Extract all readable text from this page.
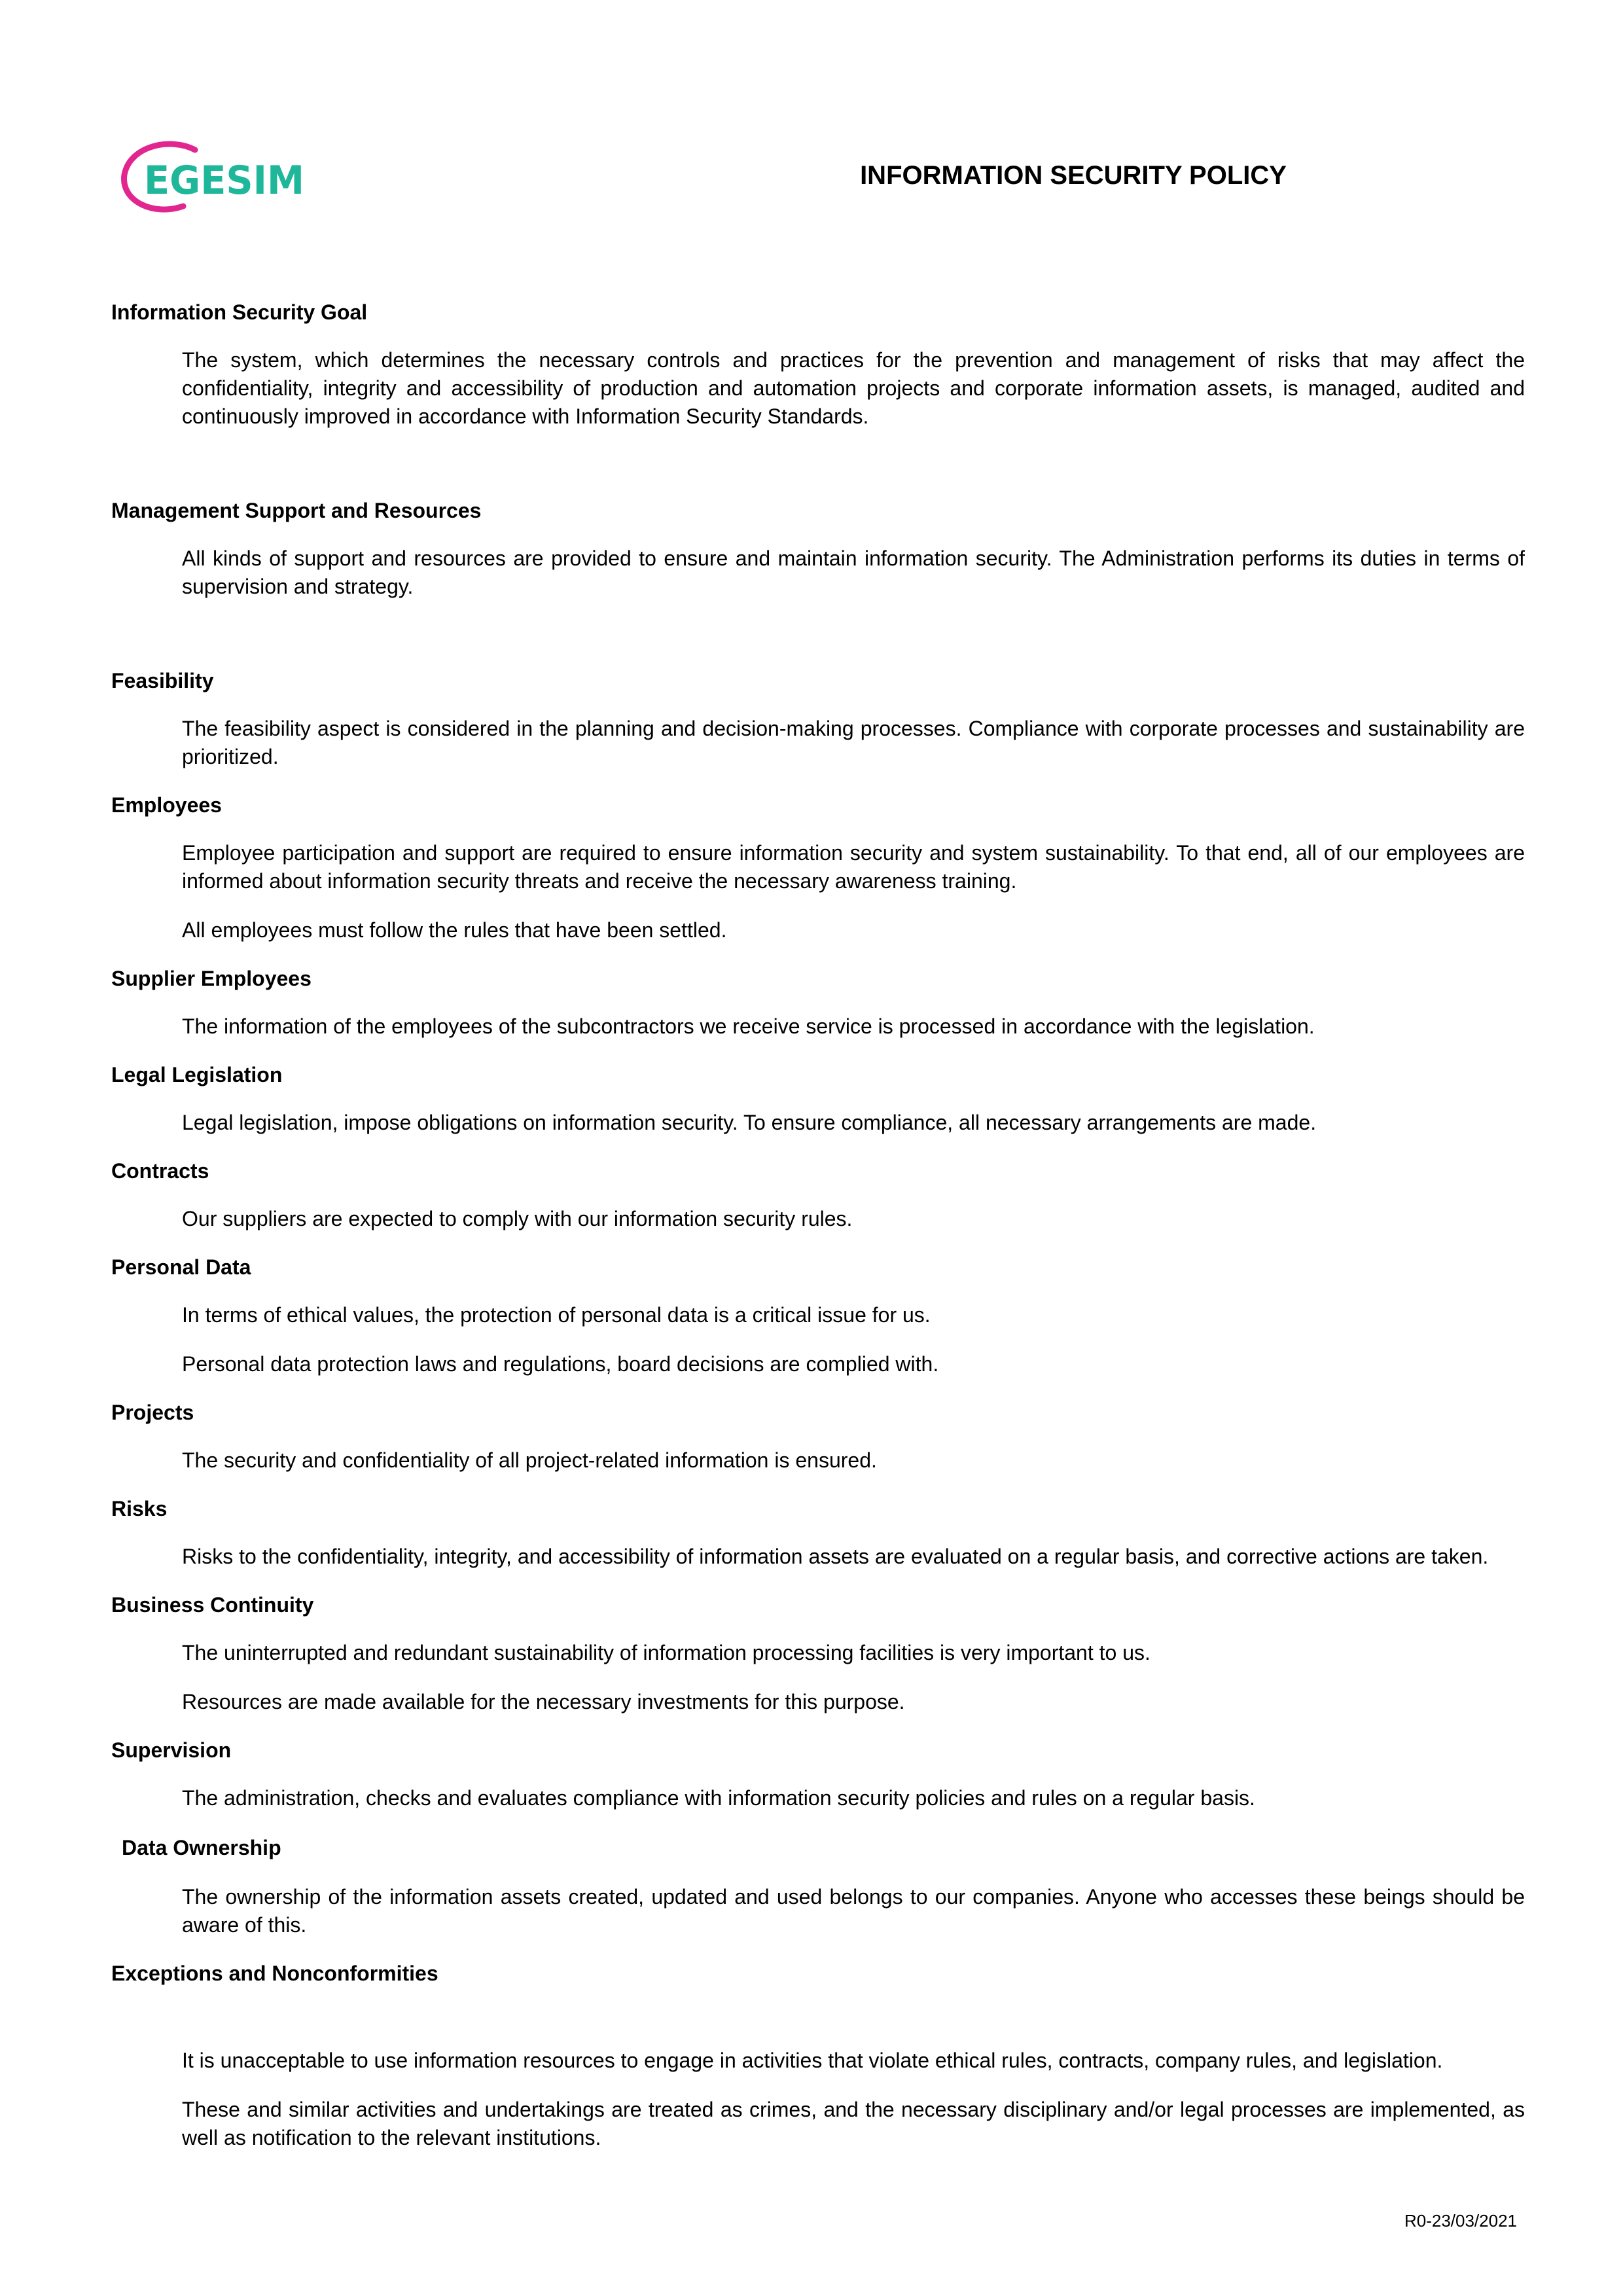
EGESIM	INFORMATION SECURITY POLICY
Information Security Goal

The system, which determines the necessary controls and practices for the prevention and management of risks that may affect the confidentiality, integrity and accessibility of production and automation projects and corporate information assets, is managed, audited and continuously improved in accordance with Information Security Standards.

Management Support and Resources

All kinds of support and resources are provided to ensure and maintain information security. The Administration performs its duties in terms of supervision and strategy.

Feasibility

The feasibility aspect is considered in the planning and decision-making processes. Compliance with corporate processes and sustainability are prioritized.

Employees

Employee participation and support are required to ensure information security and system sustainability. To that end, all of our employees are informed about information security threats and receive the necessary awareness training.

All employees must follow the rules that have been settled.

Supplier Employees

The information of the employees of the subcontractors we receive service is processed in accordance with the legislation.

Legal Legislation

Legal legislation, impose obligations on information security. To ensure compliance, all necessary arrangements are made.

Contracts

Our suppliers are expected to comply with our information security rules.

Personal Data

In terms of ethical values, the protection of personal data is a critical issue for us.

Personal data protection laws and regulations, board decisions are complied with.

Projects

The security and confidentiality of all project-related information is ensured.

Risks

Risks to the confidentiality, integrity, and accessibility of information assets are evaluated on a regular basis, and corrective actions are taken.

Business Continuity

The uninterrupted and redundant sustainability of information processing facilities is very important to us.

Resources are made available for the necessary investments for this purpose.

Supervision

The administration, checks and evaluates compliance with information security policies and rules on a regular basis.

Data Ownership

The ownership of the information assets created, updated and used belongs to our companies. Anyone who accesses these beings should be aware of this.

Exceptions and Nonconformities

It is unacceptable to use information resources to engage in activities that violate ethical rules, contracts, company rules, and legislation.

These and similar activities and undertakings are treated as crimes, and the necessary disciplinary and/or legal processes are implemented, as well as notification to the relevant institutions.

R0-23/03/2021
